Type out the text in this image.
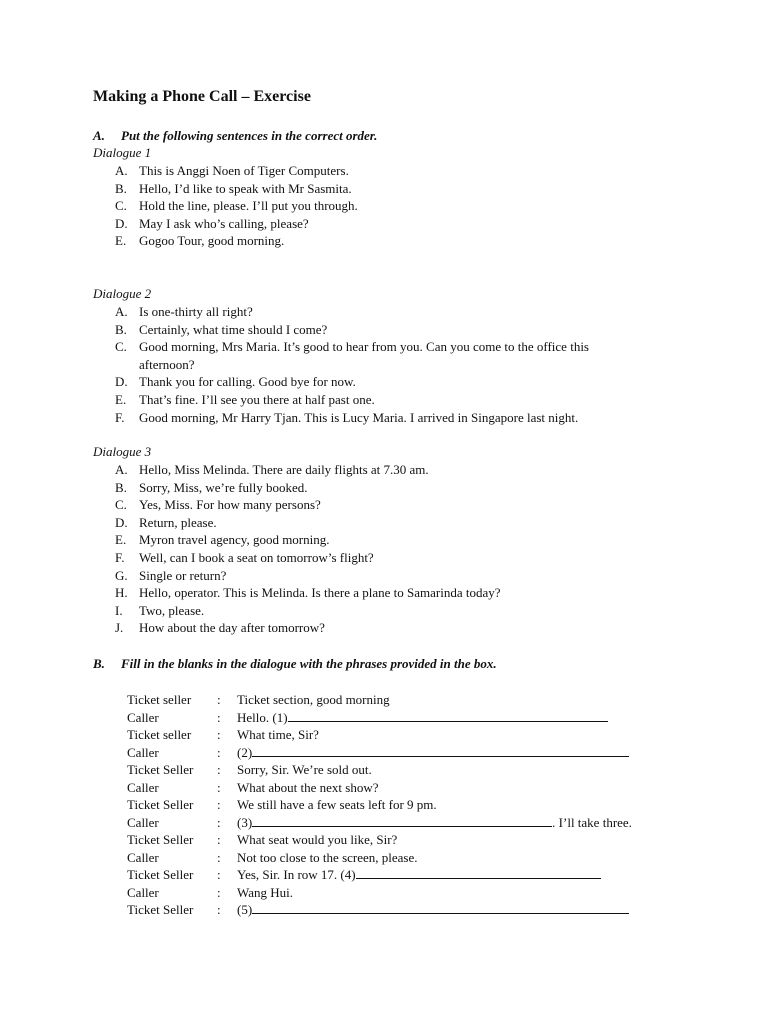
Making a Phone Call – Exercise
A. Put the following sentences in the correct order.
Dialogue 1
A. This is Anggi Noen of Tiger Computers.
B. Hello, I’d like to speak with Mr Sasmita.
C. Hold the line, please. I’ll put you through.
D. May I ask who’s calling, please?
E. Gogoo Tour, good morning.
Dialogue 2
A. Is one-thirty all right?
B. Certainly, what time should I come?
C. Good morning, Mrs Maria. It’s good to hear from you. Can you come to the office this afternoon?
D. Thank you for calling. Good bye for now.
E. That’s fine. I’ll see you there at half past one.
F.	Good morning, Mr Harry Tjan. This is Lucy Maria. I arrived in Singapore last night.
Dialogue 3
A. Hello, Miss Melinda. There are daily flights at 7.30 am.
B. Sorry, Miss, we’re fully booked.
C. Yes, Miss. For how many persons?
D. Return, please.
E. Myron travel agency, good morning.
F.	Well, can I book a seat on tomorrow’s flight?
G. Single or return?
H. Hello, operator. This is Melinda. Is there a plane to Samarinda today?
I.	Two, please.
J.	How about the day after tomorrow?
B. Fill in the blanks in the dialogue with the phrases provided in the box.
Ticket seller	:	Ticket section, good morning
Caller	:	Hello. (1)
Ticket seller	:	What time, Sir?
Caller	:	(2)
Ticket Seller	:	Sorry, Sir. We’re sold out.
Caller	:	What about the next show?
Ticket Seller	:	We still have a few seats left for 9 pm.
Caller	:	(3)	. I’ll take three.
Ticket Seller	:	What seat would you like, Sir?
Caller	:	Not too close to the screen, please.
Ticket Seller	:	Yes, Sir. In row 17. (4)
Caller	:	Wang Hui.
Ticket Seller	:	(5)
